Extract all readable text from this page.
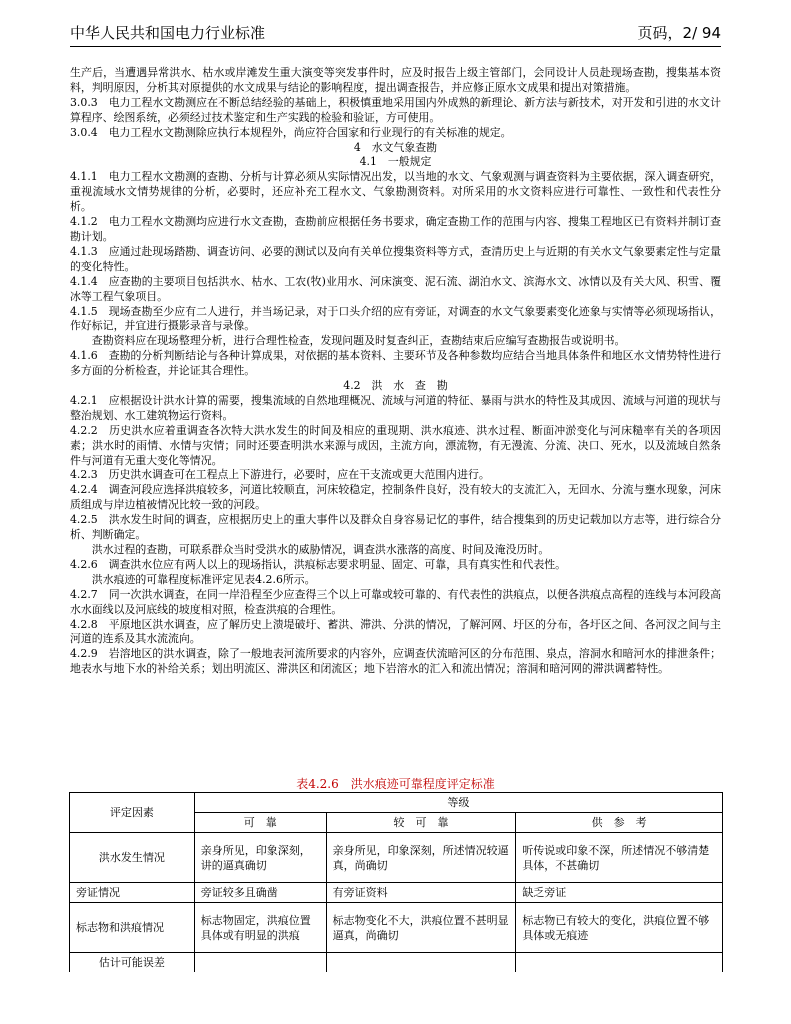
中华人民共和国电力行业标准	页码，2/ 94

生产后，当遭遇异常洪水、枯水或岸滩发生重大演变等突发事件时，应及时报告上级主管部门，会同设计人员赴现场查勘，搜集基本资料，判明原因，分析其对原提供的水文成果与结论的影响程度，提出调查报告，并应修正原水文成果和提出对策措施。

3.0.3　电力工程水文勘测应在不断总结经验的基础上，积极慎重地采用国内外成熟的新理论、新方法与新技术，对开发和引进的水文计算程序、绘图系统，必须经过技术鉴定和生产实践的检验和验证，方可使用。

3.0.4　电力工程水文勘测除应执行本规程外，尚应符合国家和行业现行的有关标准的规定。

4　水文气象查勘

4.1　一般规定

4.1.1　电力工程水文勘测的查勘、分析与计算必须从实际情况出发，以当地的水文、气象观测与调查资料为主要依据，深入调查研究，重视流域水文情势规律的分析，必要时，还应补充工程水文、气象勘测资料。对所采用的水文资料应进行可靠性、一致性和代表性分析。

4.1.2　电力工程水文勘测均应进行水文查勘，查勘前应根据任务书要求，确定查勘工作的范围与内容、搜集工程地区已有资料并制订查勘计划。

4.1.3　应通过赴现场踏勘、调查访问、必要的测试以及向有关单位搜集资料等方式，查清历史上与近期的有关水文气象要素定性与定量的变化特性。

4.1.4　应查勘的主要项目包括洪水、枯水、工农(牧)业用水、河床演变、泥石流、湖泊水文、滨海水文、冰情以及有关大风、积雪、覆冰等工程气象项目。

4.1.5　现场查勘至少应有二人进行，并当场记录，对于口头介绍的应有旁证，对调查的水文气象要素变化迹象与实情等必须现场指认，作好标记，并宜进行摄影录音与录像。

查勘资料应在现场整理分析，进行合理性检查，发现问题及时复查纠正，查勘结束后应编写查勘报告或说明书。

4.1.6　查勘的分析判断结论与各种计算成果，对依据的基本资料、主要环节及各种参数均应结合当地具体条件和地区水文情势特性进行多方面的分析检查，并论证其合理性。

4.2　洪　水　查　勘

4.2.1　应根据设计洪水计算的需要，搜集流域的自然地理概况、流域与河道的特征、暴雨与洪水的特性及其成因、流域与河道的现状与整治规划、水工建筑物运行资料。

4.2.2　历史洪水应着重调查各次特大洪水发生的时间及相应的重现期、洪水痕迹、洪水过程、断面冲淤变化与河床糙率有关的各项因素；洪水时的雨情、水情与灾情；同时还要查明洪水来源与成因，主流方向，漂流物，有无漫流、分流、决口、死水，以及流域自然条件与河道有无重大变化等情况。

4.2.3　历史洪水调查可在工程点上下游进行，必要时，应在干支流或更大范围内进行。

4.2.4　调查河段应选择洪痕较多，河道比较顺直，河床较稳定，控制条件良好，没有较大的支流汇入，无回水、分流与壅水现象，河床质组成与岸边植被情况比较一致的河段。

4.2.5　洪水发生时间的调查，应根据历史上的重大事件以及群众自身容易记忆的事件，结合搜集到的历史记载加以方志等，进行综合分析、判断确定。

洪水过程的查勘，可联系群众当时受洪水的威胁情况，调查洪水涨落的高度、时间及淹没历时。

4.2.6　调查洪水位应有两人以上的现场指认，洪痕标志要求明显、固定、可靠，具有真实性和代表性。

洪水痕迹的可靠程度标准评定见表4.2.6所示。

4.2.7　同一次洪水调查，在同一岸沿程至少应查得三个以上可靠或较可靠的、有代表性的洪痕点，以便各洪痕点高程的连线与本河段高水水面线以及河底线的坡度相对照，检查洪痕的合理性。

4.2.8　平原地区洪水调查，应了解历史上溃堤破圩、蓄洪、滞洪、分洪的情况，了解河网、圩区的分布，各圩区之间、各河汊之间与主河道的连系及其水流流向。

4.2.9　岩溶地区的洪水调查，除了一般地表河流所要求的内容外，应调查伏流暗河区的分布范围、泉点，溶洞水和暗河水的排泄条件；地表水与地下水的补给关系；划出明流区、滞洪区和闭流区；地下岩溶水的汇入和流出情况；溶洞和暗河网的滞洪调蓄特性。

表4.2.6　洪水痕迹可靠程度评定标准
评定因素	等级		
	可　靠	较　可　靠	供　参　考
洪水发生情况	亲身所见，印象深刻，讲的逼真确切	亲身所见，印象深刻，所述情况较逼真，尚确切	听传说或印象不深，所述情况不够清楚具体，不甚确切
旁证情况	旁证较多且确凿	有旁证资料	缺乏旁证
标志物和洪痕情况	标志物固定，洪痕位置具体或有明显的洪痕	标志物变化不大，洪痕位置不甚明显逼真，尚确切	标志物已有较大的变化，洪痕位置不够具体或无痕迹
估计可能误差			
